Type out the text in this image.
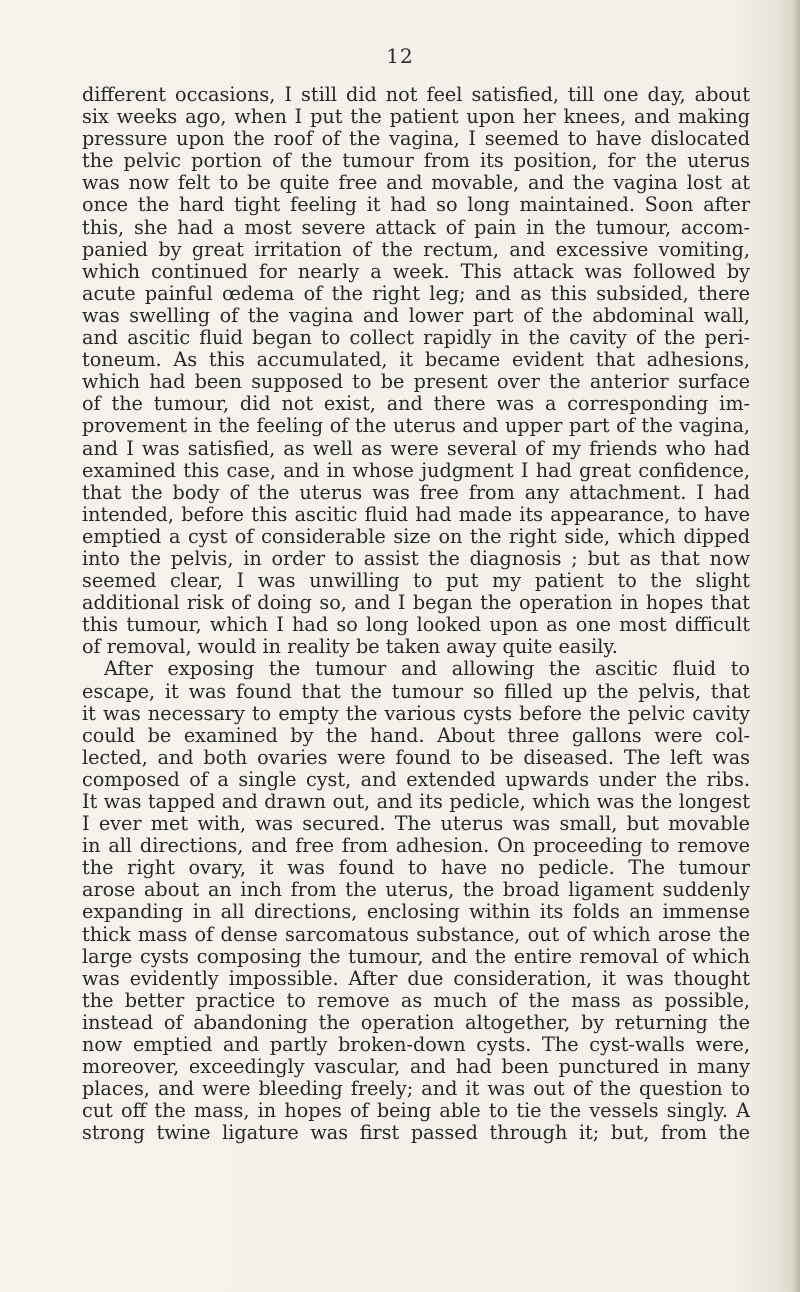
12
different occasions, I still did not feel satisfied, till one day, about
six weeks ago, when I put the patient upon her knees, and making
pressure upon the roof of the vagina, I seemed to have dislocated
the pelvic portion of the tumour from its position, for the uterus
was now felt to be quite free and movable, and the vagina lost at
once the hard tight feeling it had so long maintained. Soon after
this, she had a most severe attack of pain in the tumour, accom-
panied by great irritation of the rectum, and excessive vomiting,
which continued for nearly a week. This attack was followed by
acute painful œdema of the right leg; and as this subsided, there
was swelling of the vagina and lower part of the abdominal wall,
and ascitic fluid began to collect rapidly in the cavity of the peri-
toneum. As this accumulated, it became evident that adhesions,
which had been supposed to be present over the anterior surface
of the tumour, did not exist, and there was a corresponding im-
provement in the feeling of the uterus and upper part of the vagina,
and I was satisfied, as well as were several of my friends who had
examined this case, and in whose judgment I had great confidence,
that the body of the uterus was free from any attachment. I had
intended, before this ascitic fluid had made its appearance, to have
emptied a cyst of considerable size on the right side, which dipped
into the pelvis, in order to assist the diagnosis ; but as that now
seemed clear, I was unwilling to put my patient to the slight
additional risk of doing so, and I began the operation in hopes that
this tumour, which I had so long looked upon as one most difficult
of removal, would in reality be taken away quite easily.
After exposing the tumour and allowing the ascitic fluid to
escape, it was found that the tumour so filled up the pelvis, that
it was necessary to empty the various cysts before the pelvic cavity
could be examined by the hand. About three gallons were col-
lected, and both ovaries were found to be diseased. The left was
composed of a single cyst, and extended upwards under the ribs.
It was tapped and drawn out, and its pedicle, which was the longest
I ever met with, was secured. The uterus was small, but movable
in all directions, and free from adhesion. On proceeding to remove
the right ovary, it was found to have no pedicle. The tumour
arose about an inch from the uterus, the broad ligament suddenly
expanding in all directions, enclosing within its folds an immense
thick mass of dense sarcomatous substance, out of which arose the
large cysts composing the tumour, and the entire removal of which
was evidently impossible. After due consideration, it was thought
the better practice to remove as much of the mass as possible,
instead of abandoning the operation altogether, by returning the
now emptied and partly broken-down cysts. The cyst-walls were,
moreover, exceedingly vascular, and had been punctured in many
places, and were bleeding freely; and it was out of the question to
cut off the mass, in hopes of being able to tie the vessels singly. A
strong twine ligature was first passed through it; but, from the
